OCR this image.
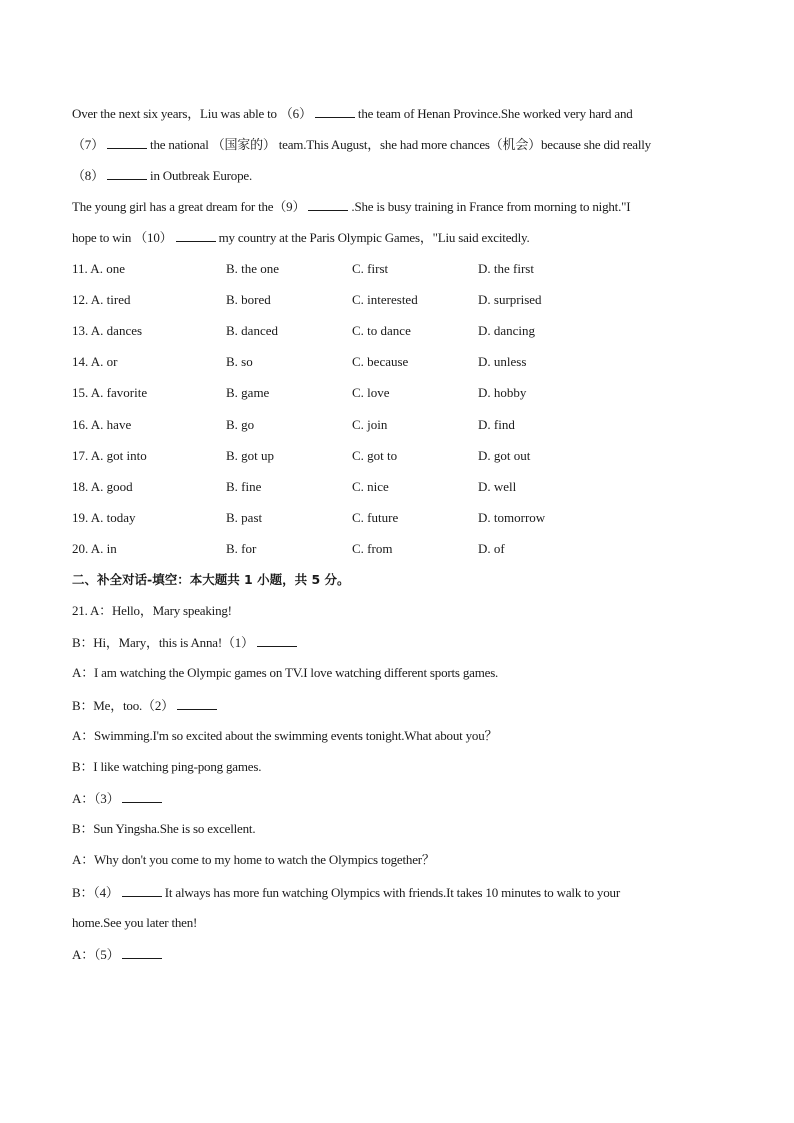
Over the next six years，Liu was able to （6）	the team of Henan Province.She worked very hard and
（7）	the national （国家的） team.This August，she had more chances（机会）because she did really
（8）	in Outbreak Europe.
The young girl has a great dream for the（9）	.She is busy training in France from morning to night."I
hope to win （10）	my country at the Paris Olympic Games，"Liu said excitedly.
11. A. one	B. the one	C. first	D. the first
12. A. tired	B. bored	C. interested	D. surprised
13. A. dances	B. danced	C. to dance	D. dancing
14. A. or	B. so	C. because	D. unless
15. A. favorite	B. game	C. love	D. hobby
16. A. have	B. go	C. join	D. find
17. A. got into	B. got up	C. got to	D. got out
18. A. good	B. fine	C. nice	D. well
19. A. today	B. past	C. future	D. tomorrow
20. A. in	B. for	C. from	D. of
二、补全对话-填空：本大题共 1 小题，共 5 分。
21. A：Hello，Mary speaking!
B：Hi，Mary，this is Anna!（1）
A：I am watching the Olympic games on TV.I love watching different sports games.
B：Me，too.（2）
A：Swimming.I'm so excited about the swimming events tonight.What about you？
B：I like watching ping-pong games.
A：（3）
B：Sun Yingsha.She is so excellent.
A：Why don't you come to my home to watch the Olympics together？
B：（4）	It always has more fun watching Olympics with friends.It takes 10 minutes to walk to your
home.See you later then!
A：（5）
